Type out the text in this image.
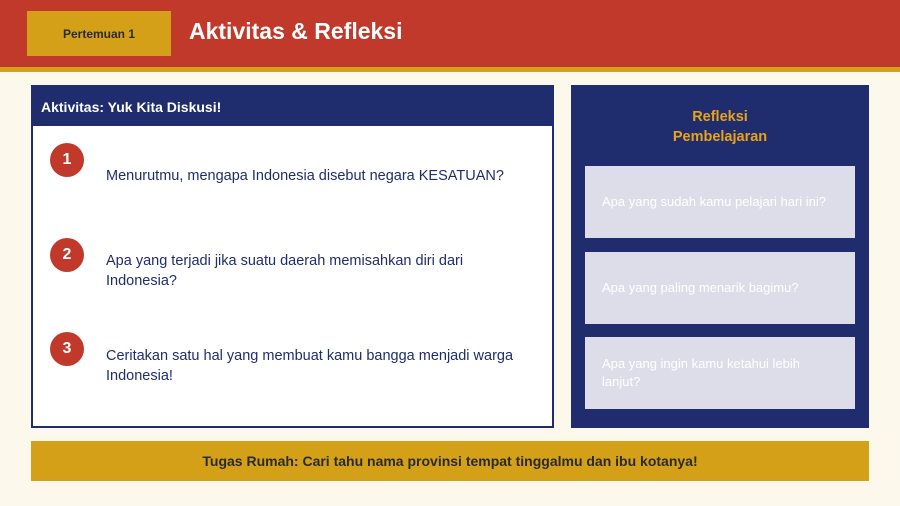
Pertemuan 1	Aktivitas & Refleksi
Aktivitas: Yuk Kita Diskusi!
1
Menurutmu, mengapa Indonesia disebut negara KESATUAN?
2	Apa yang terjadi jika suatu daerah memisahkan diri dari Indonesia?
3	Ceritakan satu hal yang membuat kamu bangga menjadi warga Indonesia!
Refleksi
Pembelajaran
Apa yang sudah kamu pelajari hari ini?
Apa yang paling menarik bagimu?
Apa yang ingin kamu ketahui lebih lanjut?
Tugas Rumah: Cari tahu nama provinsi tempat tinggalmu dan ibu kotanya!
